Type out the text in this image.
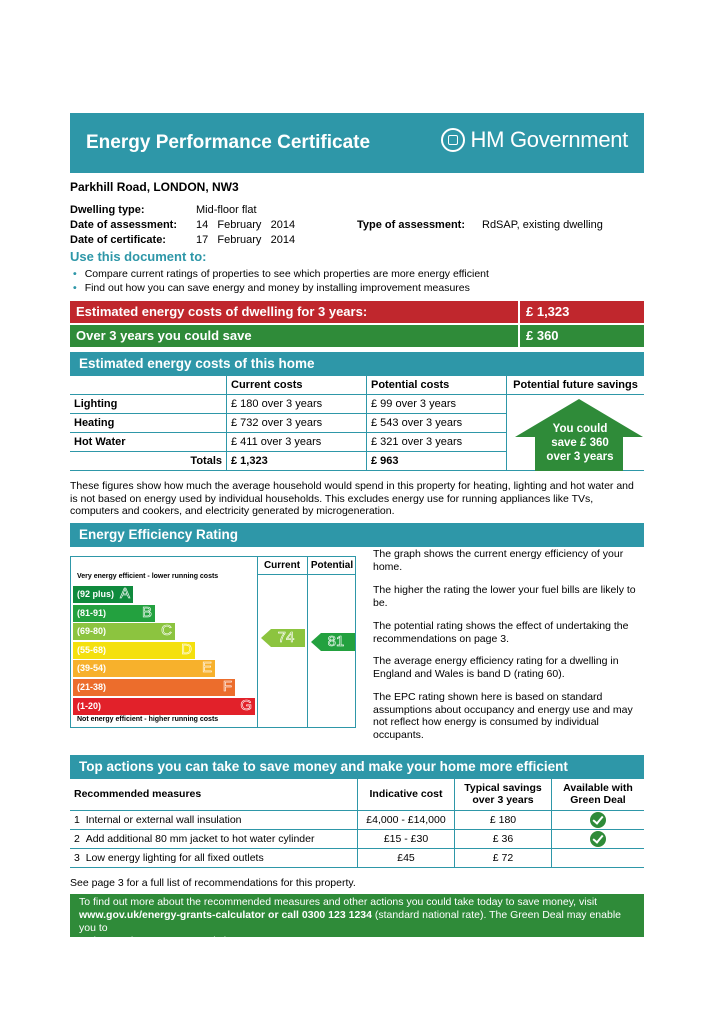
Energy Performance Certificate	HM Government
Parkhill Road, LONDON, NW3
Dwelling type:	Mid-floor flat
Date of assessment: 14   February   2014
Date of certificate:	17   February   2014
Type of assessment: RdSAP, existing dwelling
Use this document to:
• Compare current ratings of properties to see which properties are more energy efficient
• Find out how you can save energy and money by installing improvement measures
Estimated energy costs of dwelling for 3 years:	£ 1,323
Over 3 years you could save	£ 360
Estimated energy costs of this home
	Current costs	Potential costs	Potential future savings
Lighting	£ 180 over 3 years	£ 99 over 3 years	You could
save £ 360
over 3 years

Heating	£ 732 over 3 years	£ 543 over 3 years	
Hot Water	£ 411 over 3 years	£ 321 over 3 years	
Totals	£ 1,323	£ 963	
These figures show how much the average household would spend in this property for heating, lighting and hot water and is not based on energy used by individual households. This excludes energy use for running appliances like TVs, computers and cookers, and electricity generated by microgeneration.
Energy Efficiency Rating
Current	Potential
Very energy efficient - lower running costs
(92 plus) A
(81-91) B
(69-80)	C
(55-68)	D
(39-54)	E
(21-38)	F
(1-20)	G
Not energy efficient - higher running costs
74	81
The graph shows the current energy efficiency of your home.
The higher the rating the lower your fuel bills are likely to be.
The potential rating shows the effect of undertaking the recommendations on page 3.
The average energy efficiency rating for a dwelling in England and Wales is band D (rating 60).
The EPC rating shown here is based on standard assumptions about occupancy and energy use and may not reflect how energy is consumed by individual occupants.
Top actions you can take to save money and make your home more efficient
Recommended measures	Indicative cost	Typical savings over 3 years	Available with Green Deal
1 Internal or external wall insulation	£4,000 - £14,000	£ 180	
2 Add additional 80 mm jacket to hot water cylinder	£15 - £30	£ 36	
3 Low energy lighting for all fixed outlets	£45	£ 72	
See page 3 for a full list of recommendations for this property.
To find out more about the recommended measures and other actions you could take today to save money, visit
www.gov.uk/energy-grants-calculator or call 0300 123 1234 (standard national rate). The Green Deal may enable you to
make your home warmer and cheaper to run.
